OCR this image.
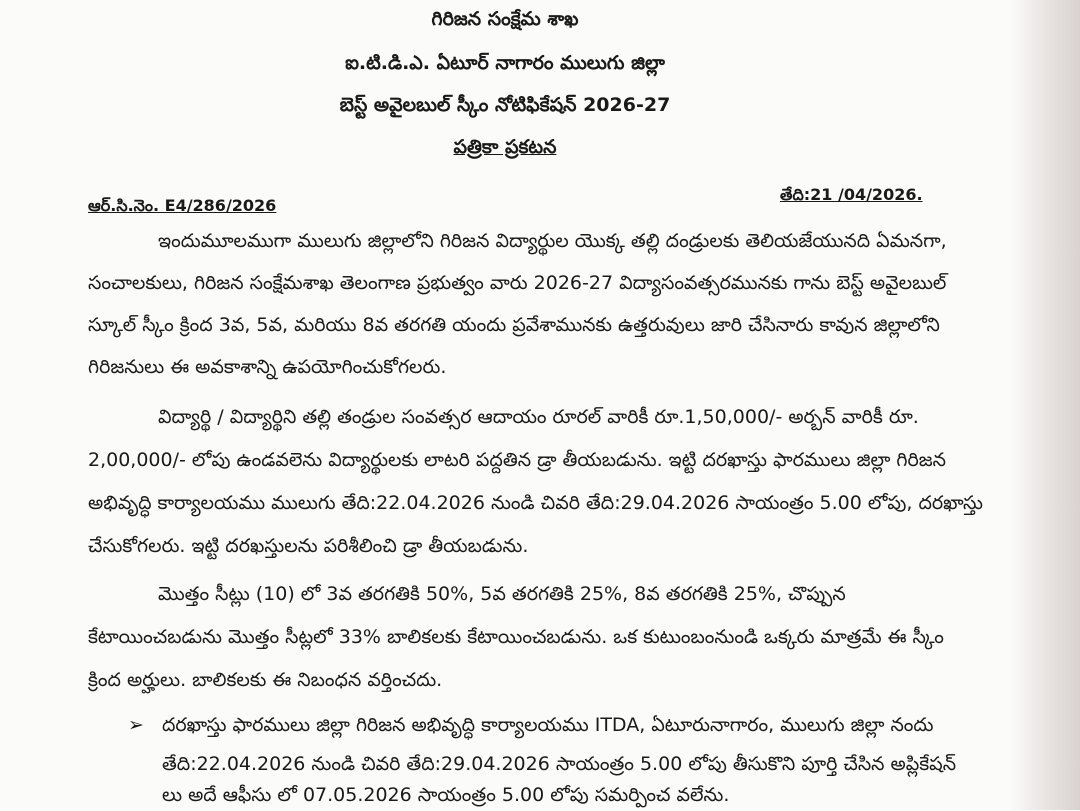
గిరిజన సంక్షేమ శాఖ
ఐ.టి.డి.ఎ. ఏటూర్ నాగారం ములుగు జిల్లా
బెస్ట్ అవైలబుల్ స్కీం నోటిఫికేషన్ 2026-27
పత్రికా ప్రకటన
ఆర్.సి.నెం. E4/286/2026
తేది:21 /04/2026.
ఇందుమూలముగా ములుగు జిల్లాలోని గిరిజన విద్యార్థుల యొక్క తల్లి దండ్రులకు తెలియజేయునది ఏమనగా,
సంచాలకులు, గిరిజన సంక్షేమశాఖ తెలంగాణ ప్రభుత్వం వారు 2026-27 విద్యాసంవత్సరమునకు గాను బెస్ట్ అవైలబుల్
స్కూల్ స్కీం క్రింద 3వ, 5వ, మరియు 8వ తరగతి యందు ప్రవేశామునకు ఉత్తరువులు జారి చేసినారు కావున జిల్లాలోని
గిరిజనులు ఈ అవకాశాన్ని ఉపయోగించుకోగలరు.
విద్యార్థి / విద్యార్థిని తల్లి తండ్రుల సంవత్సర ఆదాయం రూరల్ వారికీ రూ.1,50,000/- అర్బన్ వారికీ రూ.
2,00,000/- లోపు ఉండవలెను విద్యార్థులకు లాటరి పద్దతిన డ్రా తీయబడును. ఇట్టి దరఖాస్తు ఫారములు జిల్లా గిరిజన
అభివృద్ధి కార్యాలయము ములుగు తేది:22.04.2026 నుండి చివరి తేది:29.04.2026 సాయంత్రం 5.00 లోపు, దరఖాస్తు
చేసుకోగలరు. ఇట్టి దరఖస్తులను పరిశీలించి డ్రా తీయబడును.
మొత్తం సీట్లు (10) లో 3వ తరగతికి 50%, 5వ తరగతికి 25%, 8వ తరగతికి 25%, చొప్పున
కేటాయించబడును మొత్తం సీట్లలో 33% బాలికలకు కేటాయించబడును. ఒక కుటుంబంనుండి ఒక్కరు మాత్రమే ఈ స్కీం
క్రింద అర్హులు. బాలికలకు ఈ నిబంధన వర్తించదు.
➢ దరఖాస్తు ఫారములు జిల్లా గిరిజన అభివృద్ధి కార్యాలయము ITDA, ఏటూరునాగారం, ములుగు జిల్లా నందు
తేది:22.04.2026 నుండి చివరి తేది:29.04.2026 సాయంత్రం 5.00 లోపు తీసుకొని పూర్తి చేసిన అప్లికేషన్
లు అదే ఆఫీసు లో 07.05.2026 సాయంత్రం 5.00 లోపు సమర్పించ వలేను.
